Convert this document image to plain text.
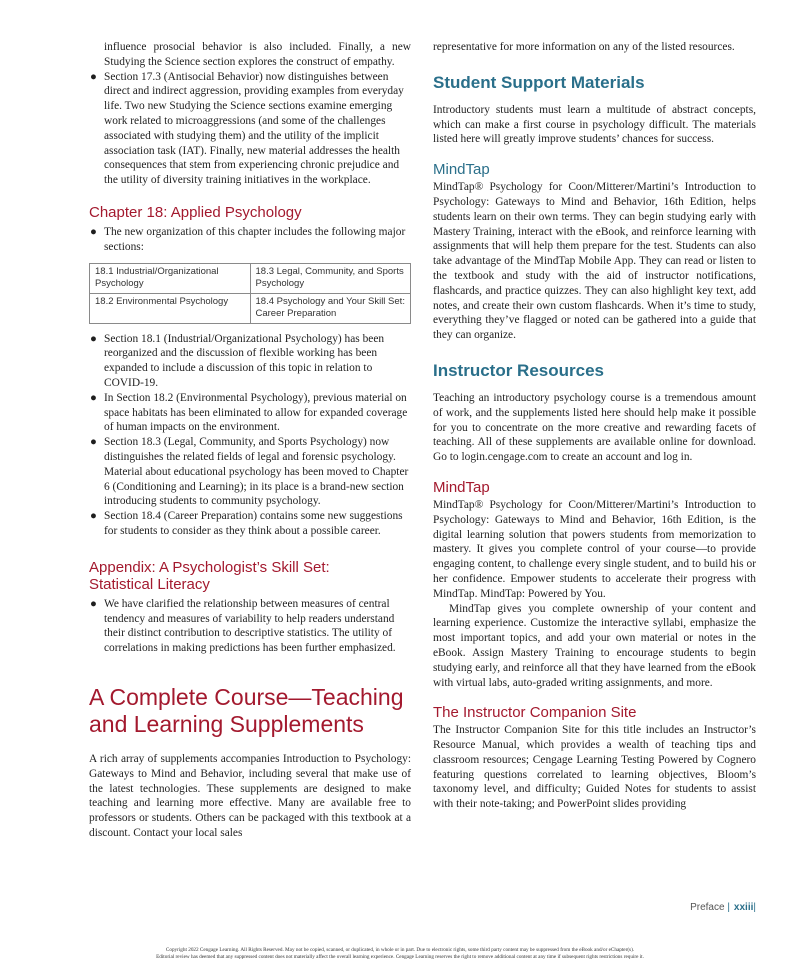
influence prosocial behavior is also included. Finally, a new Studying the Science section explores the construct of empathy.

● Section 17.3 (Antisocial Behavior) now distinguishes between direct and indirect aggression, providing examples from everyday life. Two new Studying the Science sections examine emerging work related to microaggressions (and some of the challenges associated with studying them) and the utility of the implicit association task (IAT). Finally, new material addresses the health consequences that stem from experiencing chronic prejudice and the utility of diversity training initiatives in the workplace.
Chapter 18: Applied Psychology
● The new organization of this chapter includes the following major sections:
18.1 Industrial/Organizational Psychology	18.3 Legal, Community, and Sports Psychology
18.2 Environmental Psychology	18.4 Psychology and Your Skill Set: Career Preparation
● Section 18.1 (Industrial/Organizational Psychology) has been reorganized and the discussion of flexible working has been expanded to include a discussion of this topic in relation to COVID-19.
● In Section 18.2 (Environmental Psychology), previous material on space habitats has been eliminated to allow for expanded coverage of human impacts on the environment.
● Section 18.3 (Legal, Community, and Sports Psychology) now distinguishes the related fields of legal and forensic psychology. Material about educational psychology has been moved to Chapter 6 (Conditioning and Learning); in its place is a brand-new section introducing students to community psychology.
● Section 18.4 (Career Preparation) contains some new suggestions for students to consider as they think about a possible career.
Appendix: A Psychologist’s Skill Set:
Statistical Literacy
● We have clarified the relationship between measures of central tendency and measures of variability to help readers understand their distinct contribution to descriptive statistics. The utility of correlations in making predictions has been further emphasized.
A Complete Course—Teaching
and Learning Supplements

A rich array of supplements accompanies Introduction to Psychology: Gateways to Mind and Behavior, including several that make use of the latest technologies. These supplements are designed to make teaching and learning more effective. Many are available free to professors or students. Others can be packaged with this textbook at a discount. Contact your local sales

representative for more information on any of the listed resources.

Student Support Materials

Introductory students must learn a multitude of abstract concepts, which can make a first course in psychology difficult. The materials listed here will greatly improve students’ chances for success.

MindTap

MindTap® Psychology for Coon/Mitterer/Martini’s Introduction to Psychology: Gateways to Mind and Behavior, 16th Edition, helps students learn on their own terms. They can begin studying early with Mastery Training, interact with the eBook, and reinforce learning with assignments that will help them prepare for the test. Students can also take advantage of the MindTap Mobile App. They can read or listen to the textbook and study with the aid of instructor notifications, flashcards, and practice quizzes. They can also highlight key text, add notes, and create their own custom flashcards. When it’s time to study, everything they’ve flagged or noted can be gathered into a guide that they can organize.

Instructor Resources

Teaching an introductory psychology course is a tremendous amount of work, and the supplements listed here should help make it possible for you to concentrate on the more creative and rewarding facets of teaching. All of these supplements are available online for download. Go to login.cengage.com to create an account and log in.

MindTap

MindTap® Psychology for Coon/Mitterer/Martini’s Introduction to Psychology: Gateways to Mind and Behavior, 16th Edition, is the digital learning solution that powers students from memorization to mastery. It gives you complete control of your course—to provide engaging content, to challenge every single student, and to build his or her confidence. Empower students to accelerate their progress with MindTap. MindTap: Powered by You.

MindTap gives you complete ownership of your content and learning experience. Customize the interactive syllabi, emphasize the most important topics, and add your own material or notes in the eBook. Assign Mastery Training to encourage students to begin studying early, and reinforce all that they have learned from the eBook with virtual labs, auto-graded writing assignments, and more.

The Instructor Companion Site

The Instructor Companion Site for this title includes an Instructor’s Resource Manual, which provides a wealth of teaching tips and classroom resources; Cengage Learning Testing Powered by Cognero featuring questions correlated to learning objectives, Bloom’s taxonomy level, and difficulty; Guided Notes for students to assist with their note-taking; and PowerPoint slides providing

Preface | xxiii|
Copyright 2022 Cengage Learning. All Rights Reserved. May not be copied, scanned, or duplicated, in whole or in part. Due to electronic rights, some third party content may be suppressed from the eBook and/or eChapter(s).
Editorial review has deemed that any suppressed content does not materially affect the overall learning experience. Cengage Learning reserves the right to remove additional content at any time if subsequent rights restrictions require it.
